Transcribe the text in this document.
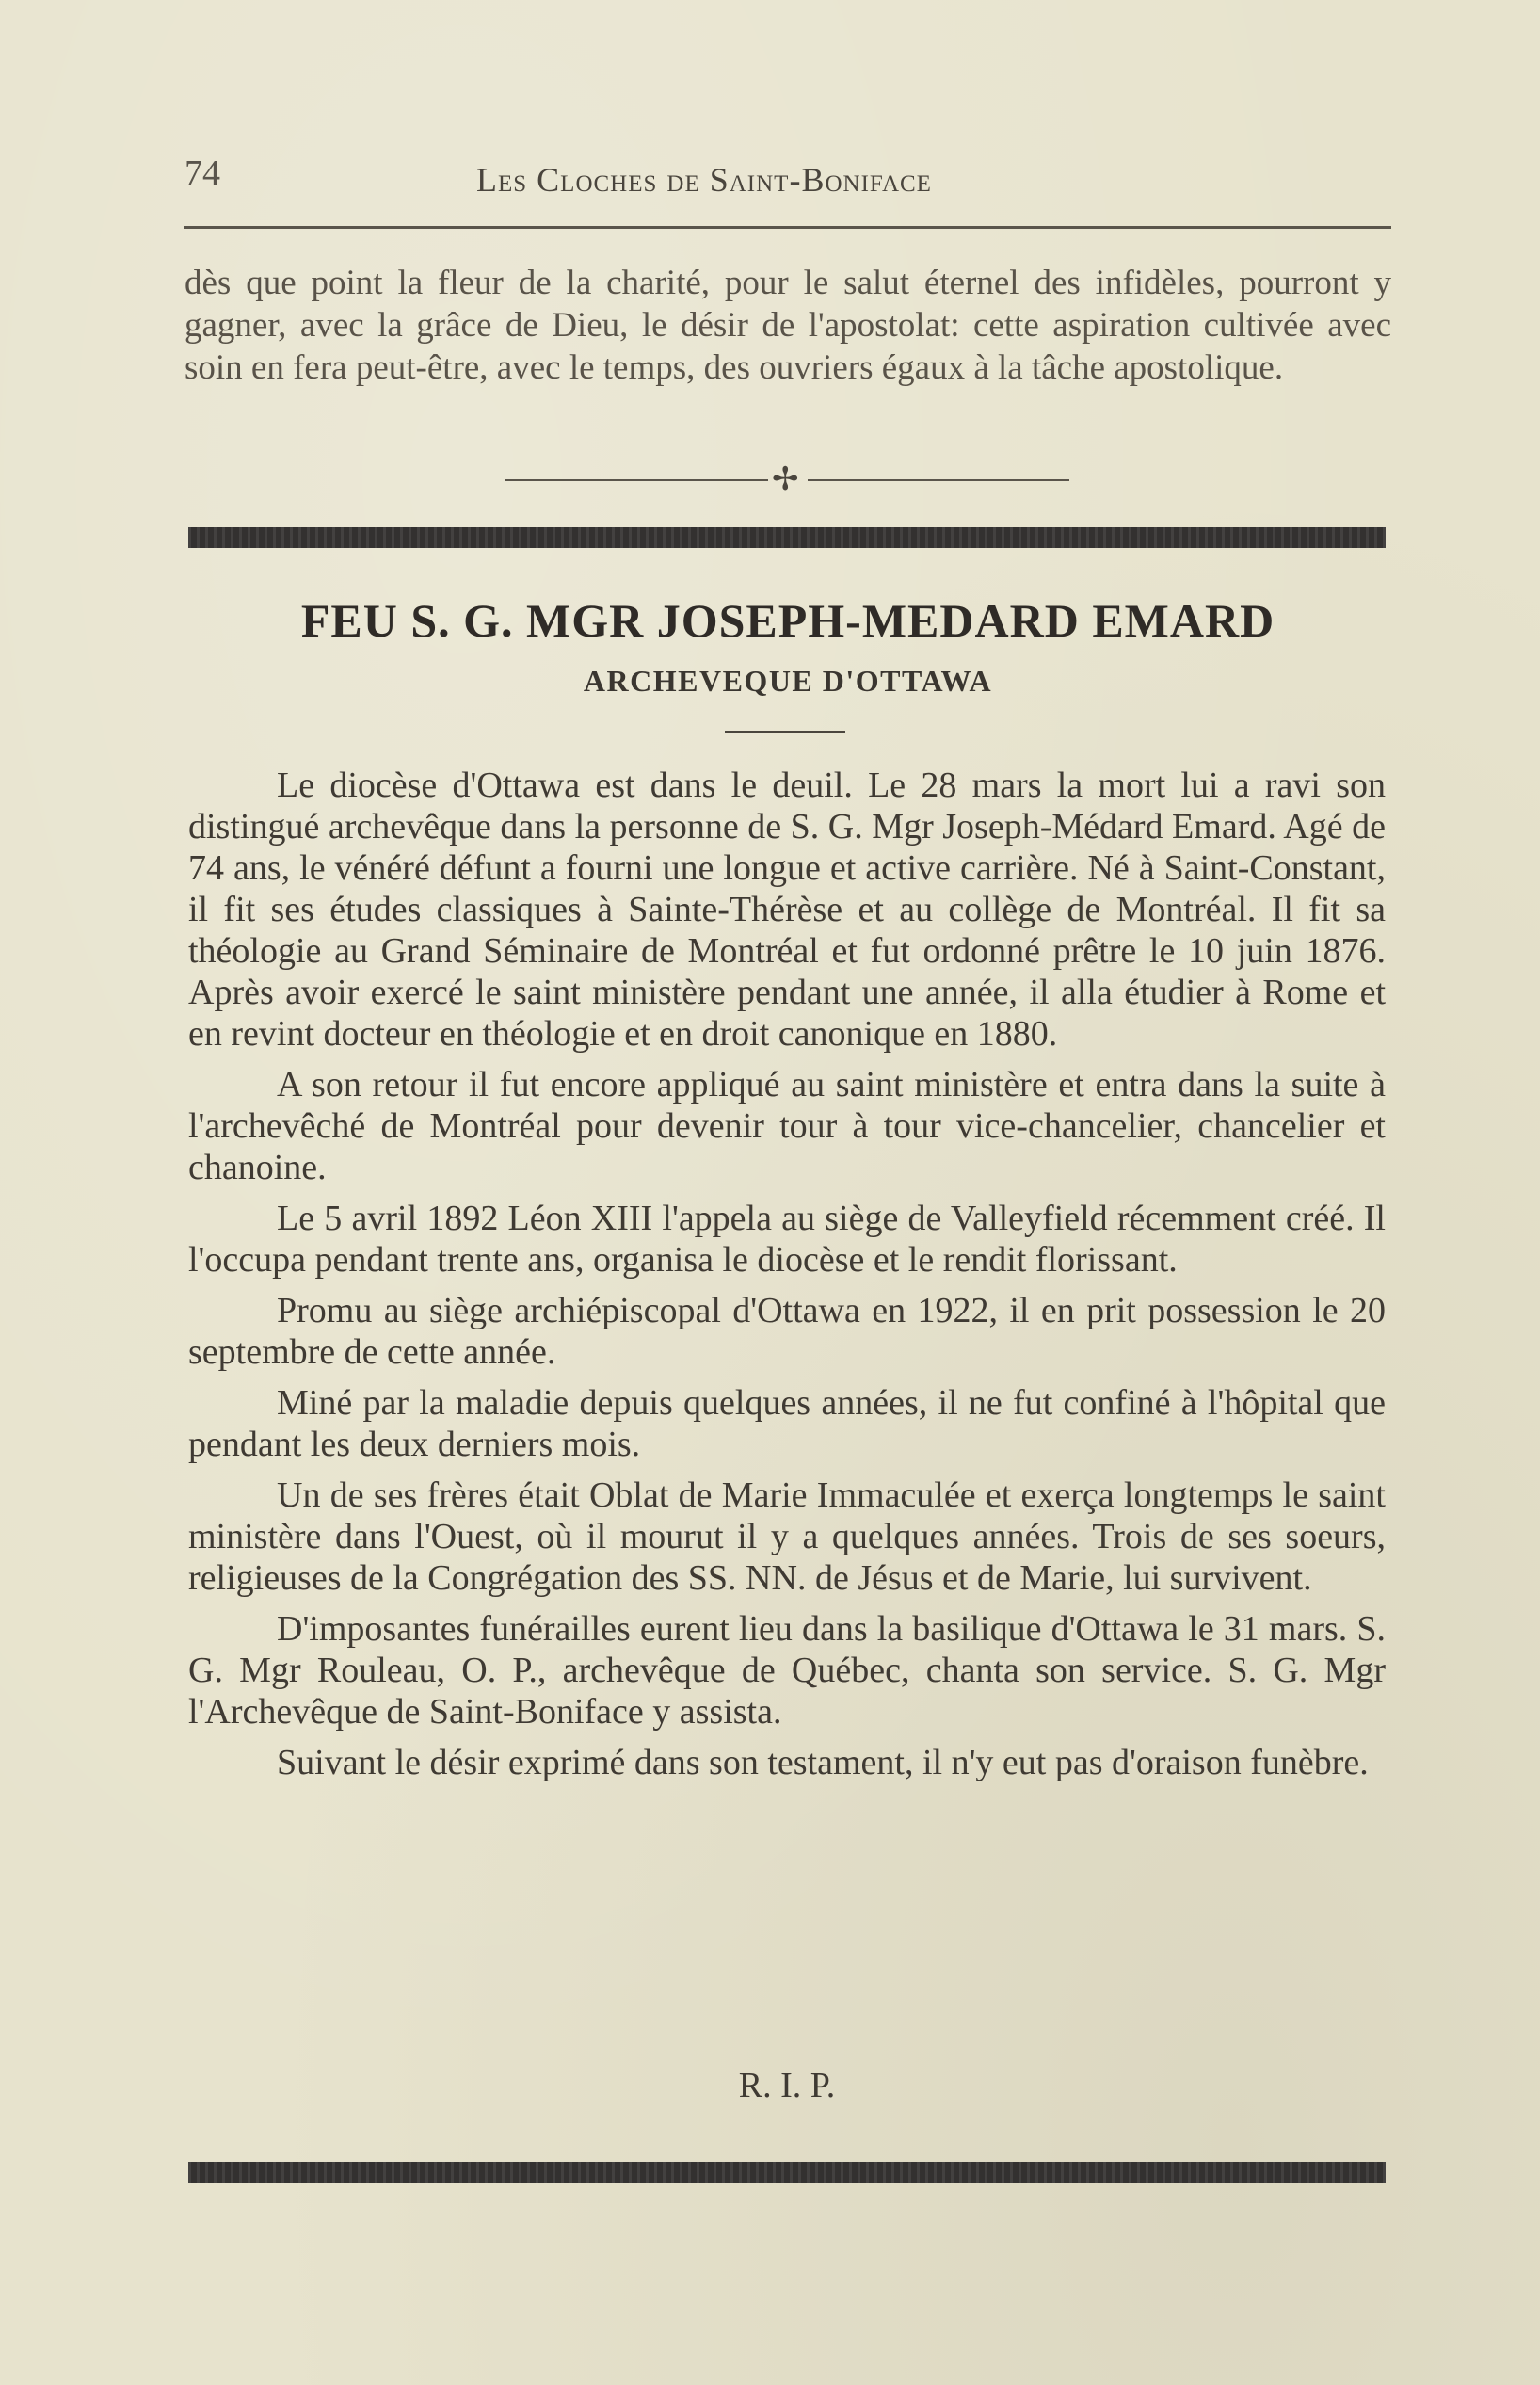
74	Les Cloches de Saint-Boniface

dès que point la fleur de la charité, pour le salut éternel des infidèles, pourront y gagner, avec la grâce de Dieu, le désir de l'apostolat: cette aspiration cultivée avec soin en fera peut-être, avec le temps, des ouvriers égaux à la tâche apostolique.

✢
FEU S. G. MGR JOSEPH-MEDARD EMARD
ARCHEVEQUE D'OTTAWA

Le diocèse d'Ottawa est dans le deuil. Le 28 mars la mort lui a ravi son distingué archevêque dans la personne de S. G. Mgr Joseph-Médard Emard. Agé de 74 ans, le vénéré défunt a fourni une longue et active carrière. Né à Saint-Constant, il fit ses études classiques à Sainte-Thérèse et au collège de Montréal. Il fit sa théologie au Grand Séminaire de Montréal et fut ordonné prêtre le 10 juin 1876. Après avoir exercé le saint ministère pendant une année, il alla étudier à Rome et en revint docteur en théologie et en droit canonique en 1880.

A son retour il fut encore appliqué au saint ministère et entra dans la suite à l'archevêché de Montréal pour devenir tour à tour vice-chancelier, chancelier et chanoine.

Le 5 avril 1892 Léon XIII l'appela au siège de Valleyfield récemment créé. Il l'occupa pendant trente ans, organisa le diocèse et le rendit florissant.

Promu au siège archiépiscopal d'Ottawa en 1922, il en prit possession le 20 septembre de cette année.

Miné par la maladie depuis quelques années, il ne fut confiné à l'hôpital que pendant les deux derniers mois.

Un de ses frères était Oblat de Marie Immaculée et exerça longtemps le saint ministère dans l'Ouest, où il mourut il y a quelques années. Trois de ses soeurs, religieuses de la Congrégation des SS. NN. de Jésus et de Marie, lui survivent.

D'imposantes funérailles eurent lieu dans la basilique d'Ottawa le 31 mars. S. G. Mgr Rouleau, O. P., archevêque de Québec, chanta son service. S. G. Mgr l'Archevêque de Saint-Boniface y assista.

Suivant le désir exprimé dans son testament, il n'y eut pas d'oraison funèbre.

R. I. P.
